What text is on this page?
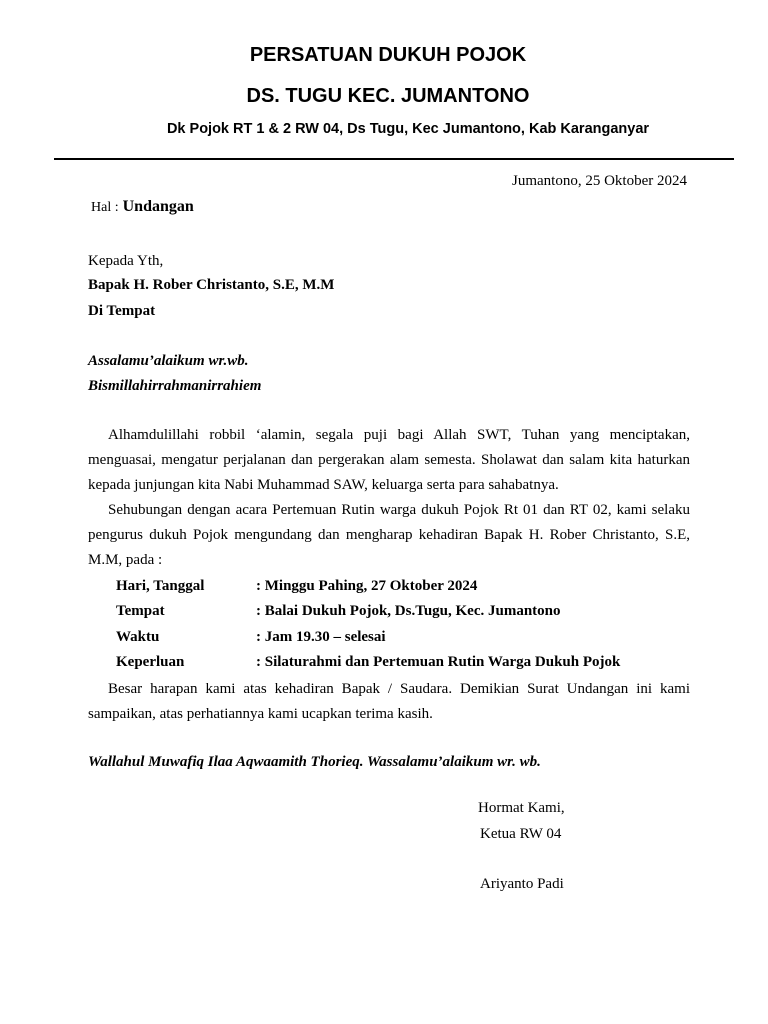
PERSATUAN DUKUH POJOK
DS. TUGU KEC. JUMANTONO
Dk Pojok RT 1 & 2 RW 04, Ds Tugu, Kec Jumantono, Kab Karanganyar
Jumantono, 25 Oktober 2024
Hal : Undangan
Kepada Yth,
Bapak H. Rober Christanto, S.E, M.M
Di Tempat
Assalamu’alaikum wr.wb.
Bismillahirrahmanirrahiem
Alhamdulillahi robbil ‘alamin, segala puji bagi Allah SWT, Tuhan yang menciptakan, menguasai, mengatur perjalanan dan pergerakan alam semesta. Sholawat dan salam kita haturkan kepada junjungan kita Nabi Muhammad SAW, keluarga serta para sahabatnya.
Sehubungan dengan acara Pertemuan Rutin warga dukuh Pojok Rt 01 dan RT 02, kami selaku pengurus dukuh Pojok mengundang dan mengharap kehadiran Bapak H. Rober Christanto, S.E, M.M, pada :
Hari, Tanggal	: Minggu Pahing, 27 Oktober 2024
Tempat	: Balai Dukuh Pojok, Ds.Tugu, Kec. Jumantono
Waktu	: Jam 19.30 – selesai
Keperluan	: Silaturahmi dan Pertemuan Rutin Warga Dukuh Pojok
Besar harapan kami atas kehadiran Bapak / Saudara. Demikian Surat Undangan ini kami sampaikan, atas perhatiannya kami ucapkan terima kasih.
Wallahul Muwafiq Ilaa Aqwaamith Thorieq. Wassalamu’alaikum wr. wb.
Hormat Kami,
Ketua RW 04
Ariyanto Padi
